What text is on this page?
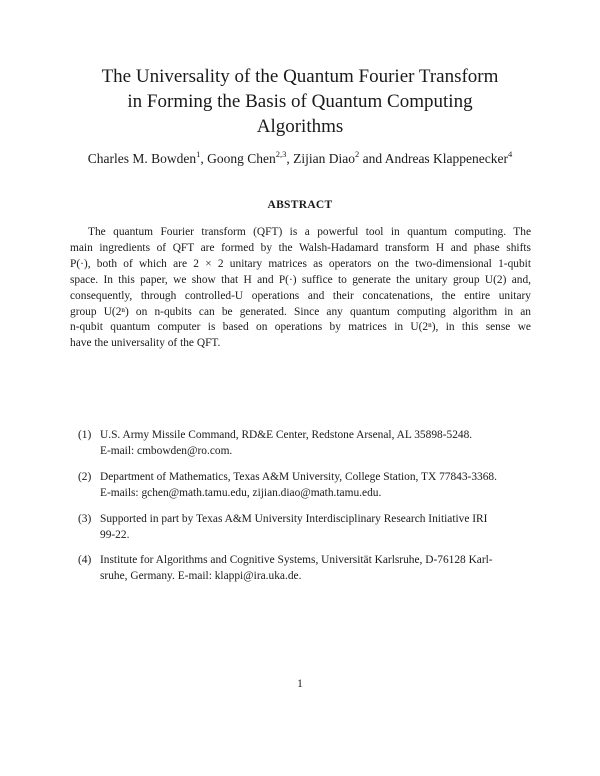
The Universality of the Quantum Fourier Transform
in Forming the Basis of Quantum Computing
Algorithms
Charles M. Bowden$^1$, Goong Chen$^{2,3}$, Zijian Diao$^2$ and Andreas Klappenecker$^4$
ABSTRACT
The quantum Fourier transform (QFT) is a powerful tool in quantum computing. The
main ingredients of QFT are formed by the Walsh-Hadamard transform H and phase shifts
P(·), both of which are 2 × 2 unitary matrices as operators on the two-dimensional 1-qubit
space. In this paper, we show that H and P(·) suffice to generate the unitary group U(2) and,
consequently, through controlled-U operations and their concatenations, the entire unitary
group U(2ⁿ) on n-qubits can be generated. Since any quantum computing algorithm in an
n-qubit quantum computer is based on operations by matrices in U(2ⁿ), in this sense we
have the universality of the QFT.
(1) U.S. Army Missile Command, RD&E Center, Redstone Arsenal, AL 35898-5248.
E-mail: cmbowden@ro.com.
(2) Department of Mathematics, Texas A&M University, College Station, TX 77843-3368.
E-mails: gchen@math.tamu.edu, zijian.diao@math.tamu.edu.
(3) Supported in part by Texas A&M University Interdisciplinary Research Initiative IRI
99-22.
(4) Institute for Algorithms and Cognitive Systems, Universität Karlsruhe, D-76128 Karl-
sruhe, Germany. E-mail: klappi@ira.uka.de.
1
